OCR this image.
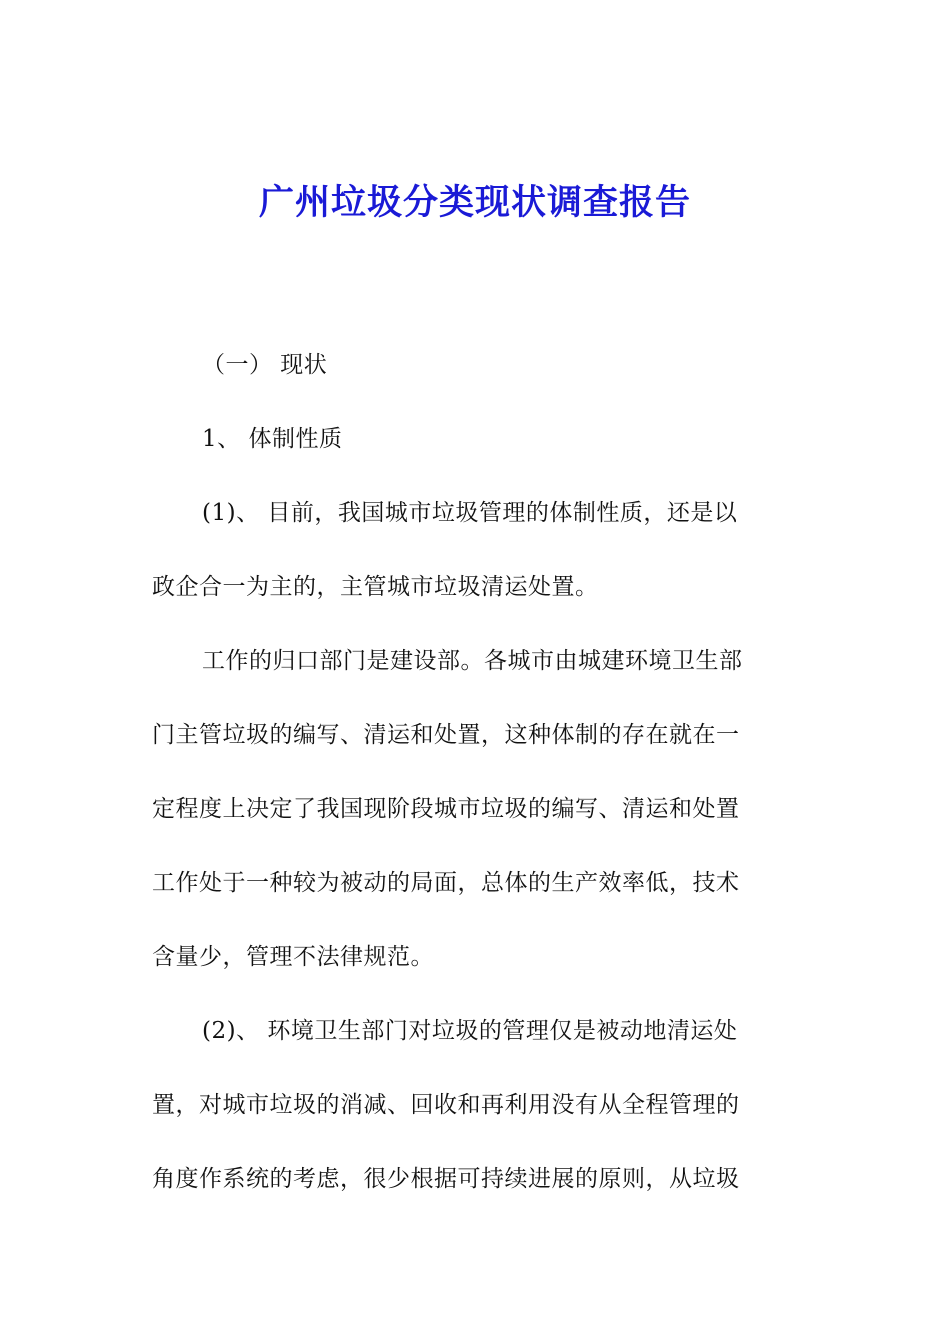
广州垃圾分类现状调查报告
（一） 现状
1、 体制性质
(1)、 目前，我国城市垃圾管理的体制性质，还是以
政企合一为主的，主管城市垃圾清运处置。
工作的归口部门是建设部。各城市由城建环境卫生部
门主管垃圾的编写、清运和处置，这种体制的存在就在一
定程度上决定了我国现阶段城市垃圾的编写、清运和处置
工作处于一种较为被动的局面，总体的生产效率低，技术
含量少，管理不法律规范。
(2)、 环境卫生部门对垃圾的管理仅是被动地清运处
置，对城市垃圾的消减、回收和再利用没有从全程管理的
角度作系统的考虑，很少根据可持续进展的原则，从垃圾
